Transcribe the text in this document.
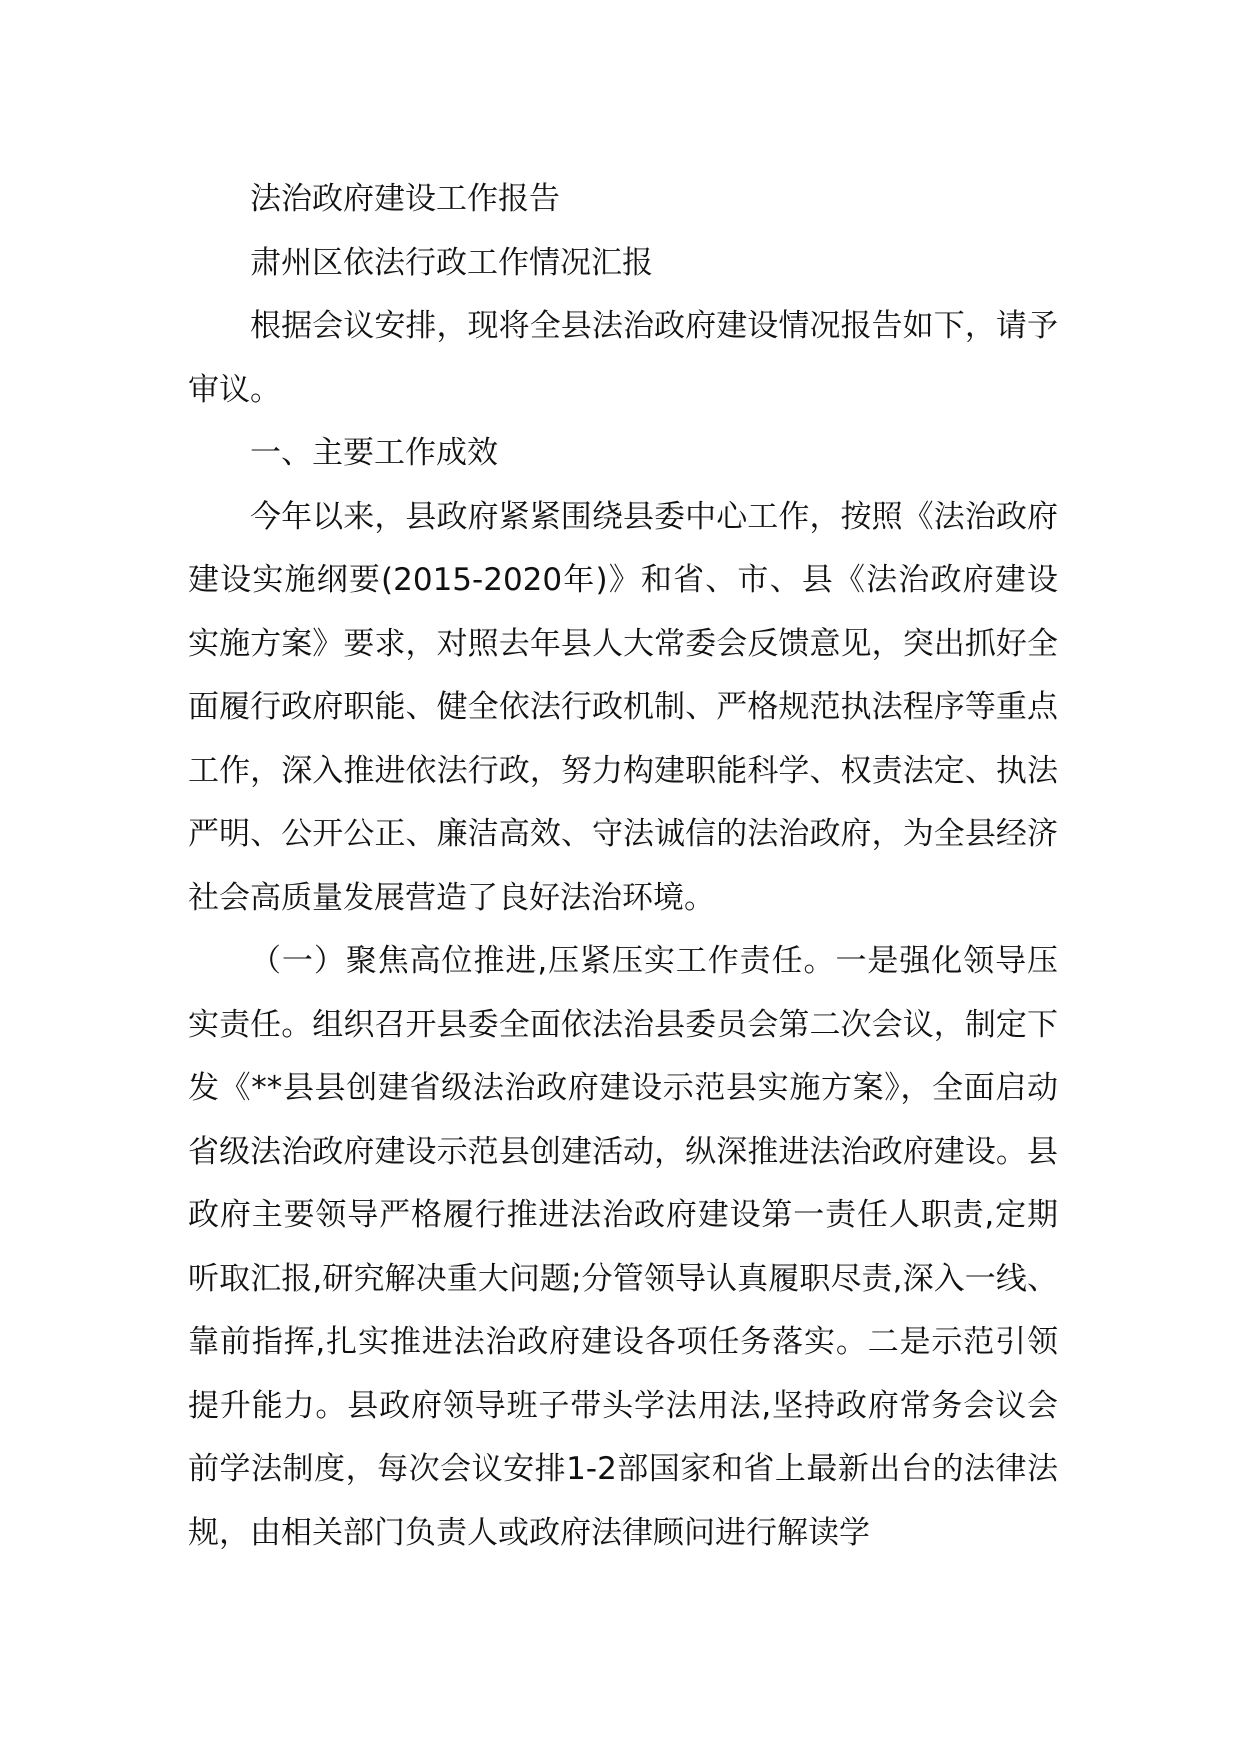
法治政府建设工作报告

肃州区依法行政工作情况汇报

根据会议安排，现将全县法治政府建设情况报告如下，请予审议。

一、主要工作成效

今年以来，县政府紧紧围绕县委中心工作，按照《法治政府建设实施纲要(2015-2020年)》和省、市、县《法治政府建设实施方案》要求，对照去年县人大常委会反馈意见，突出抓好全面履行政府职能、健全依法行政机制、严格规范执法程序等重点工作，深入推进依法行政，努力构建职能科学、权责法定、执法严明、公开公正、廉洁高效、守法诚信的法治政府，为全县经济社会高质量发展营造了良好法治环境。

（一）聚焦高位推进,压紧压实工作责任。一是强化领导压实责任。组织召开县委全面依法治县委员会第二次会议，制定下发《**县县创建省级法治政府建设示范县实施方案》，全面启动省级法治政府建设示范县创建活动，纵深推进法治政府建设。县政府主要领导严格履行推进法治政府建设第一责任人职责,定期听取汇报,研究解决重大问题;分管领导认真履职尽责,深入一线、靠前指挥,扎实推进法治政府建设各项任务落实。二是示范引领提升能力。县政府领导班子带头学法用法,坚持政府常务会议会前学法制度，每次会议安排1-2部国家和省上最新出台的法律法规，由相关部门负责人或政府法律顾问进行解读学
